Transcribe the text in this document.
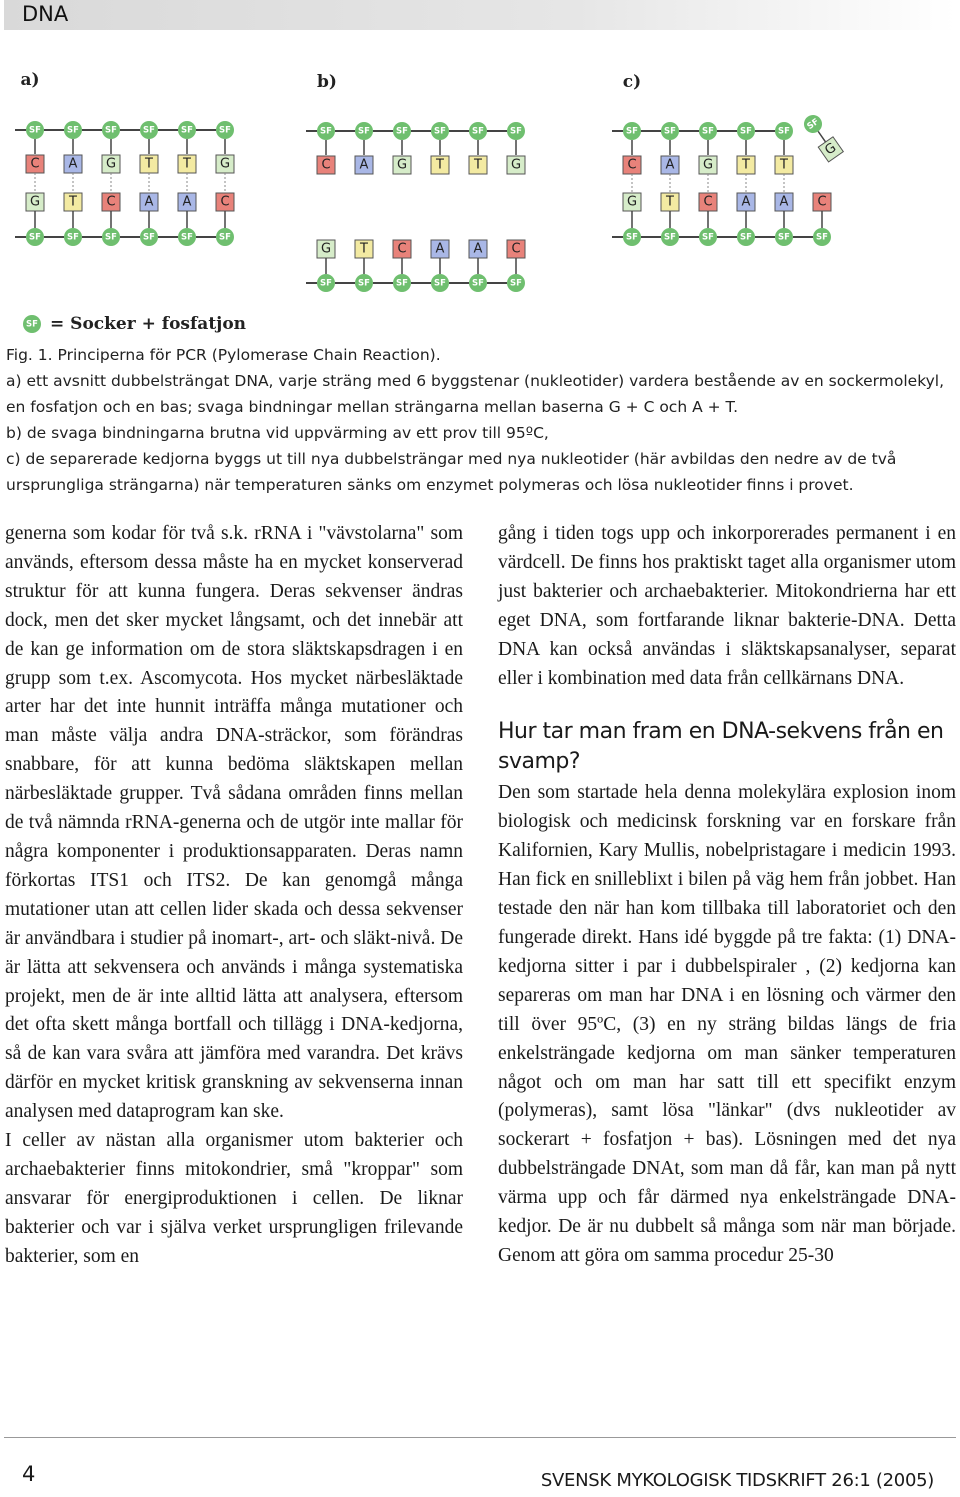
DNA
a)	b)	c)
SF	SF	SF	SF	SF	SF
C A G T T G
G T C A A C
SF	SF	SF	SF	SF	SF
SF	SF	SF	SF	SF	SF
C A G T T G
G T C A A C
SF	SF	SF	SF	SF	SF
SF	SF	SF	SF	SF
C A G T T
G T C A A C
SF	SF	SF	SF	SF	SF
SF
G
SF = Socker + fosfatjon

Fig. 1. Principerna för PCR (Pylomerase Chain Reaction).

a) ett avsnitt dubbelsträngat DNA, varje sträng med 6 byggstenar (nukleotider) vardera bestående av en sockermolekyl, en fosfatjon och en bas; svaga bindningar mellan strängarna mellan baserna G + C och A + T.

b) de svaga bindningarna brutna vid uppvärming av ett prov till 95ºC,

c) de separerade kedjorna byggs ut till nya dubbelsträngar med nya nukleotider (här avbildas den nedre av de två ursprungliga strängarna) när temperaturen sänks om enzymet polymeras och lösa nukleotider finns i provet.

generna som kodar för två s.k. rRNA i "vävstolarna" som används, eftersom dessa måste ha en mycket konserverad struktur för att kunna fungera. Deras sekvenser ändras dock, men det sker mycket långsamt, och det innebär att de kan ge information om de stora släktskapsdragen i en grupp som t.ex. Ascomycota. Hos mycket närbesläktade arter har det inte hunnit inträffa många mutationer och man måste välja andra DNA-sträckor, som förändras snabbare, för att kunna bedöma släktskapen mellan närbesläktade grupper. Två sådana områden finns mellan de två nämnda rRNA-generna och de utgör inte mallar för några komponenter i produktionsapparaten. Deras namn förkortas ITS1 och ITS2. De kan genomgå många mutationer utan att cellen lider skada och dessa sekvenser är användbara i studier på inomart-, art- och släkt-nivå. De är lätta att sekvensera och används i många systematiska projekt, men de är inte alltid lätta att analysera, eftersom det ofta skett många bortfall och tillägg i DNA-kedjorna, så de kan vara svåra att jämföra med varandra. Det krävs därför en mycket kritisk granskning av sekvenserna innan analysen med dataprogram kan ske.

I celler av nästan alla organismer utom bakterier och archaebakterier finns mitokondrier, små "kroppar" som ansvarar för energiproduktionen i cellen. De liknar bakterier och var i själva verket ursprungligen frilevande bakterier, som en

gång i tiden togs upp och inkorporerades permanent i en värdcell. De finns hos praktiskt taget alla organismer utom just bakterier och archaebakterier. Mitokondrierna har ett eget DNA, som fortfarande liknar bakterie-DNA. Detta DNA kan också användas i släktskapsanalyser, separat eller i kombination med data från cellkärnans DNA.

Hur tar man fram en DNA-sekvens från en svamp?

Den som startade hela denna molekylära explosion inom biologisk och medicinsk forskning var en forskare från Kalifornien, Kary Mullis, nobelpristagare i medicin 1993. Han fick en snilleblixt i bilen på väg hem från jobbet. Han testade den när han kom tillbaka till laboratoriet och den fungerade direkt. Hans idé byggde på tre fakta: (1) DNA-kedjorna sitter i par i dubbelspiraler , (2) kedjorna kan separeras om man har DNA i en lösning och värmer den till över 95ºC, (3) en ny sträng bildas längs de fria enkelsträngade kedjorna om man sänker temperaturen något och om man har satt till ett specifikt enzym (polymeras), samt lösa "länkar" (dvs nukleotider av sockerart + fosfatjon + bas). Lösningen med det nya dubbelsträngade DNAt, som man då får, kan man på nytt värma upp och får därmed nya enkelsträngade DNA-kedjor. De är nu dubbelt så många som när man började. Genom att göra om samma procedur 25-30

4	SVENSK MYKOLOGISK TIDSKRIFT 26:1 (2005)
